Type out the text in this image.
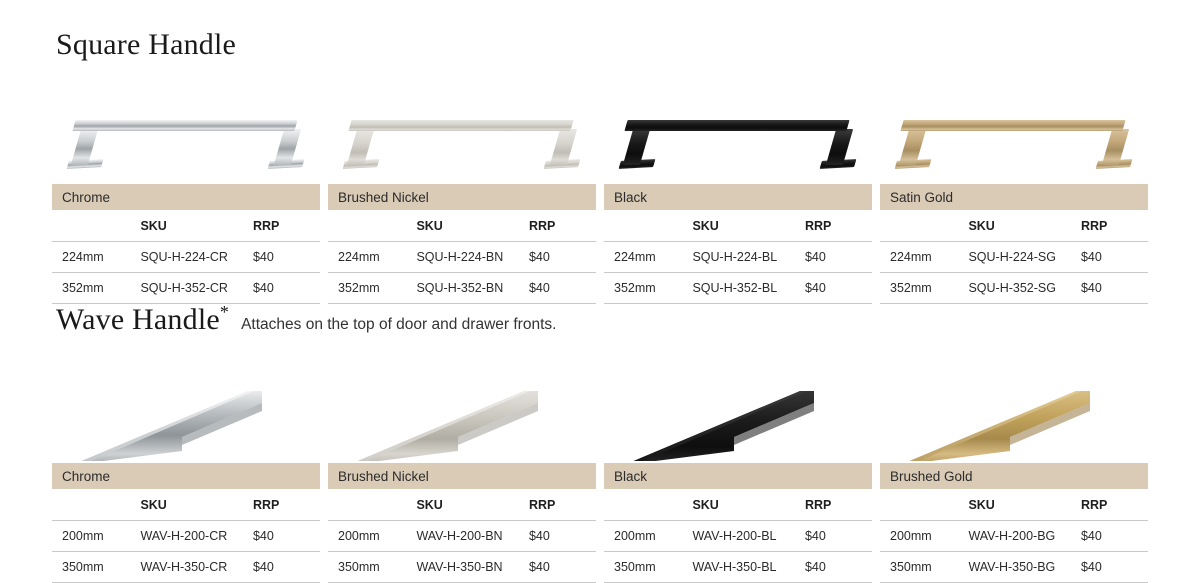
Square Handle
Chrome
	SKU	RRP
224mm	SQU-H-224-CR	$40
352mm	SQU-H-352-CR	$40
Brushed Nickel
	SKU	RRP
224mm	SQU-H-224-BN	$40
352mm	SQU-H-352-BN	$40
Black
	SKU	RRP
224mm	SQU-H-224-BL	$40
352mm	SQU-H-352-BL	$40
Satin Gold
	SKU	RRP
224mm	SQU-H-224-SG	$40
352mm	SQU-H-352-SG	$40
Wave Handle*
Attaches on the top of door and drawer fronts.
Chrome
	SKU	RRP
200mm	WAV-H-200-CR	$40
350mm	WAV-H-350-CR	$40
Brushed Nickel
	SKU	RRP
200mm	WAV-H-200-BN	$40
350mm	WAV-H-350-BN	$40
Black
	SKU	RRP
200mm	WAV-H-200-BL	$40
350mm	WAV-H-350-BL	$40
Brushed Gold
	SKU	RRP
200mm	WAV-H-200-BG	$40
350mm	WAV-H-350-BG	$40
